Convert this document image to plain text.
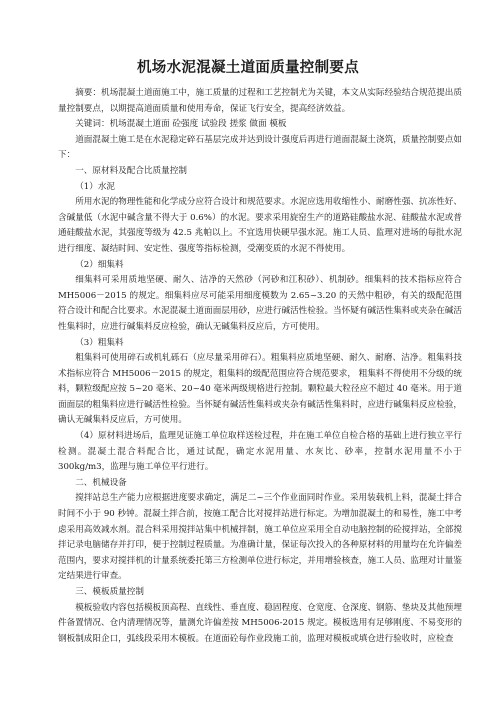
机场水泥混凝土道面质量控制要点

摘要：机场混凝土道面施工中，施工质量的过程和工艺控制尤为关键，本文从实际经验结合规范提出质量控制要点，以期提高道面质量和使用寿命，保证飞行安全，提高经济效益。

关键词：机场混凝土道面 砼强度 试验段 搓浆 做面 模板

道面混凝土施工是在水泥稳定碎石基层完成并达到设计强度后再进行道面混凝土浇筑，质量控制要点如下：

一、原材料及配合比质量控制

（1）水泥

所用水泥的物理性能和化学成分应符合设计和规范要求。水泥应选用收缩性小、耐磨性强、抗冻性好、含碱量低（水泥中碱含量不得大于 0.6%）的水泥。要求采用旋窑生产的道路硅酸盐水泥、硅酸盐水泥或普通硅酸盐水泥，其强度等级为 42.5 兆帕以上。不宜选用快硬早强水泥。施工人员、监理对进场的每批水泥进行细度、凝结时间、安定性、强度等指标检测，受潮变质的水泥不得使用。

（2）细集料

细集料可采用质地坚硬、耐久、洁净的天然砂（河砂和江积砂）、机制砂。细集料的技术指标应符合 MH5006－2015 的规定。细集料应尽可能采用细度模数为 2.65~3.20 的天然中粗砂，有关的级配范围符合设计和配合比要求。水泥混凝土道面面层用砂，应进行碱活性检验。当怀疑有碱活性集料或夹杂在碱活性集料时，应进行碱集料反应检验，确认无碱集料反应后，方可使用。

（3）粗集料

粗集料可使用碎石或机轧砾石（应尽量采用碎石）。粗集料应质地坚硬、耐久、耐磨、洁净。粗集料技术指标应符合 MH5006－2015 的规定，粗集料的级配范围应符合规范要求， 粗集料不得使用不分级的统料，颗粒级配应按 5~20 毫米、20~40 毫米两级规格进行控制。颗粒最大粒径应不超过 40 毫米。用于道面面层的粗集料应进行碱活性检验。当怀疑有碱活性集料或夹杂有碱活性集料时，应进行碱集料反应检验，确认无碱集料反应后，方可使用。

（4）原材料进场后，监理见证施工单位取样送检过程，并在施工单位自检合格的基础上进行独立平行检测。混凝土混合料配合比，通过试配，确定水泥用量、水灰比、砂率，控制水泥用量不小于 300kg/m3，监理与施工单位平行进行。

二、机械设备

搅拌站总生产能力应根据进度要求确定，满足二~三个作业面同时作业。采用装载机上料，混凝土拌合时间不小于 90 秒钟。混凝土拌合前，按施工配合比对搅拌站进行标定。为增加混凝土的和易性，施工中考虑采用高效减水剂。混合料采用搅拌站集中机械拌制，施工单位应采用全自动电脑控制的砼搅拌站，全部搅拌记录电脑储存并打印，便于控制过程质量。为准确计量，保证每次投入的各种原材料的用量均在允许偏差范围内，要求对搅拌机的计量系统委托第三方检测单位进行标定，并用增验核查，施工人员、监理对计量鉴定结果进行审查。

三、模板质量控制

模板验收内容包括模板顶高程、直线性、垂直度、稳固程度、仓宽度、仓深度、钢筋、垫块及其他预埋件备置情况、仓内清理情况等，量测允许偏差按 MH5006-2015 规定。模板选用有足够刚度、不易变形的钢板制成阳企口，弧线段采用木模板。在道面砼每作业段施工前，监理对模板或填仓进行验收时，应检查
